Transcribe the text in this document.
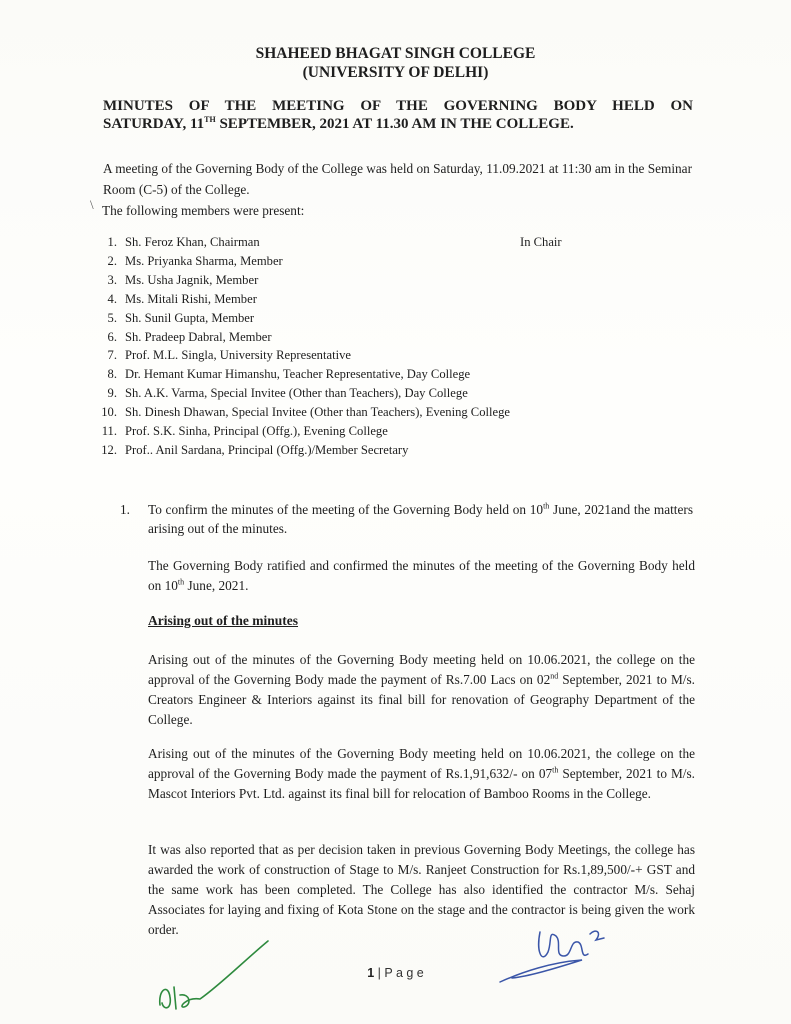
SHAHEED BHAGAT SINGH COLLEGE
(UNIVERSITY OF DELHI)
MINUTES OF THE MEETING OF THE GOVERNING BODY HELD ON
SATURDAY, 11TH SEPTEMBER, 2021 AT 11.30 AM IN THE COLLEGE.
A meeting of the Governing Body of the College was held on Saturday, 11.09.2021 at 11:30 am in the Seminar Room (C-5) of the College.
\ The following members were present:
1. Sh. Feroz Khan, Chairman	In Chair
2. Ms. Priyanka Sharma, Member
3. Ms. Usha Jagnik, Member
4. Ms. Mitali Rishi, Member
5. Sh. Sunil Gupta, Member
6. Sh. Pradeep Dabral, Member
7. Prof. M.L. Singla, University Representative
8. Dr. Hemant Kumar Himanshu, Teacher Representative, Day College
9. Sh. A.K. Varma, Special Invitee (Other than Teachers), Day College
10. Sh. Dinesh Dhawan, Special Invitee (Other than Teachers), Evening College
11. Prof. S.K. Sinha, Principal (Offg.), Evening College
12. Prof.. Anil Sardana, Principal (Offg.)/Member Secretary
1. To confirm the minutes of the meeting of the Governing Body held on 10th June, 2021and the matters arising out of the minutes.
The Governing Body ratified and confirmed the minutes of the meeting of the Governing Body held on 10th June, 2021.
Arising out of the minutes
Arising out of the minutes of the Governing Body meeting held on 10.06.2021, the college on the approval of the Governing Body made the payment of Rs.7.00 Lacs on 02nd September, 2021 to M/s. Creators Engineer & Interiors against its final bill for renovation of Geography Department of the College.
Arising out of the minutes of the Governing Body meeting held on 10.06.2021, the college on the approval of the Governing Body made the payment of Rs.1,91,632/- on 07th September, 2021 to M/s. Mascot Interiors Pvt. Ltd. against its final bill for relocation of Bamboo Rooms in the College.
It was also reported that as per decision taken in previous Governing Body Meetings, the college has awarded the work of construction of Stage to M/s. Ranjeet Construction for Rs.1,89,500/-+ GST and the same work has been completed. The College has also identified the contractor M/s. Sehaj Associates for laying and fixing of Kota Stone on the stage and the contractor is being given the work order.
1 | P a g e
